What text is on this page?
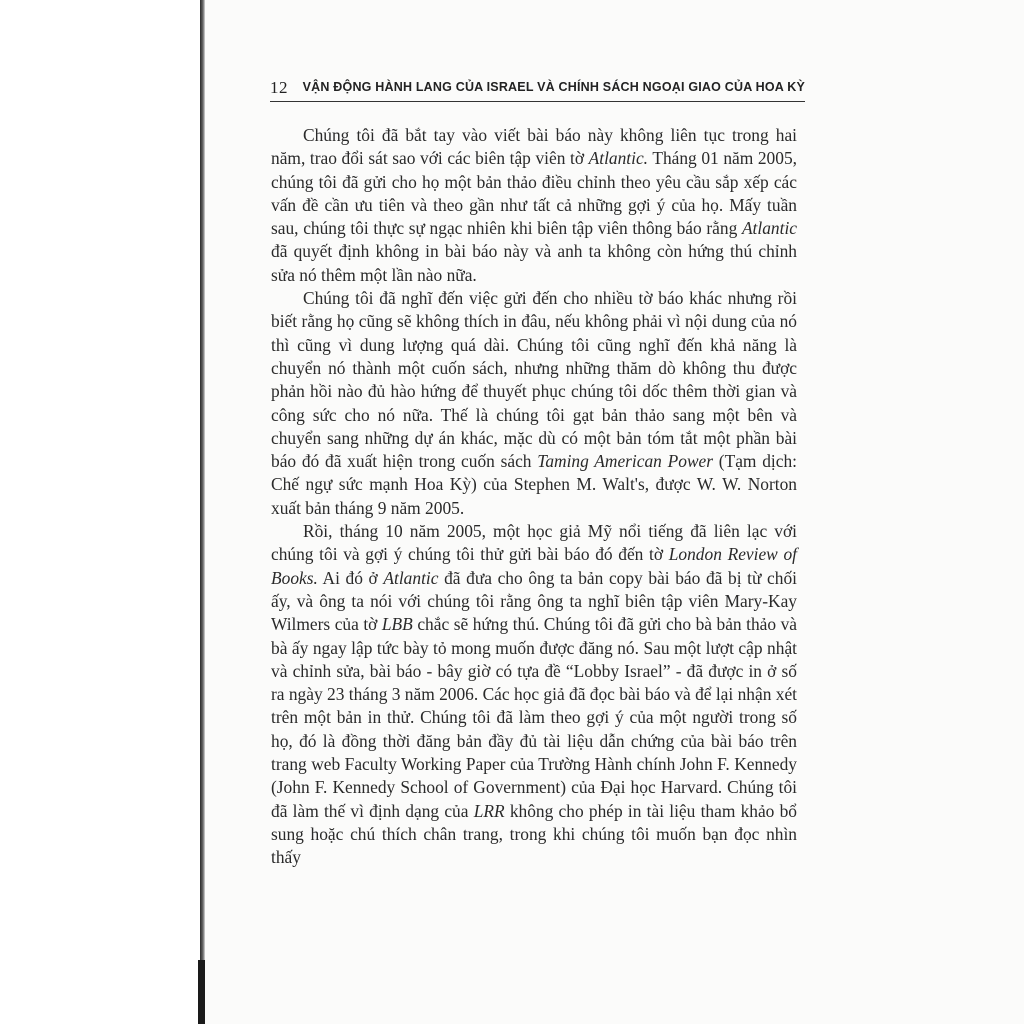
12 VẬN ĐỘNG HÀNH LANG CỦA ISRAEL VÀ CHÍNH SÁCH NGOẠI GIAO CỦA HOA KỲ

Chúng tôi đã bắt tay vào viết bài báo này không liên tục trong hai năm, trao đổi sát sao với các biên tập viên tờ Atlantic. Tháng 01 năm 2005, chúng tôi đã gửi cho họ một bản thảo điều chỉnh theo yêu cầu sắp xếp các vấn đề cần ưu tiên và theo gần như tất cả những gợi ý của họ. Mấy tuần sau, chúng tôi thực sự ngạc nhiên khi biên tập viên thông báo rằng Atlantic đã quyết định không in bài báo này và anh ta không còn hứng thú chỉnh sửa nó thêm một lần nào nữa.

Chúng tôi đã nghĩ đến việc gửi đến cho nhiều tờ báo khác nhưng rồi biết rằng họ cũng sẽ không thích in đâu, nếu không phải vì nội dung của nó thì cũng vì dung lượng quá dài. Chúng tôi cũng nghĩ đến khả năng là chuyển nó thành một cuốn sách, nhưng những thăm dò không thu được phản hồi nào đủ hào hứng để thuyết phục chúng tôi dốc thêm thời gian và công sức cho nó nữa. Thế là chúng tôi gạt bản thảo sang một bên và chuyển sang những dự án khác, mặc dù có một bản tóm tắt một phần bài báo đó đã xuất hiện trong cuốn sách Taming American Power (Tạm dịch: Chế ngự sức mạnh Hoa Kỳ) của Stephen M. Walt's, được W. W. Norton xuất bản tháng 9 năm 2005.

Rồi, tháng 10 năm 2005, một học giả Mỹ nổi tiếng đã liên lạc với chúng tôi và gợi ý chúng tôi thử gửi bài báo đó đến tờ London Review of Books. Ai đó ở Atlantic đã đưa cho ông ta bản copy bài báo đã bị từ chối ấy, và ông ta nói với chúng tôi rằng ông ta nghĩ biên tập viên Mary-Kay Wilmers của tờ LBB chắc sẽ hứng thú. Chúng tôi đã gửi cho bà bản thảo và bà ấy ngay lập tức bày tỏ mong muốn được đăng nó. Sau một lượt cập nhật và chỉnh sửa, bài báo - bây giờ có tựa đề “Lobby Israel” - đã được in ở số ra ngày 23 tháng 3 năm 2006. Các học giả đã đọc bài báo và để lại nhận xét trên một bản in thử. Chúng tôi đã làm theo gợi ý của một người trong số họ, đó là đồng thời đăng bản đầy đủ tài liệu dẫn chứng của bài báo trên trang web Faculty Working Paper của Trường Hành chính John F. Kennedy (John F. Kennedy School of Government) của Đại học Harvard. Chúng tôi đã làm thế vì định dạng của LRR không cho phép in tài liệu tham khảo bổ sung hoặc chú thích chân trang, trong khi chúng tôi muốn bạn đọc nhìn thấy
